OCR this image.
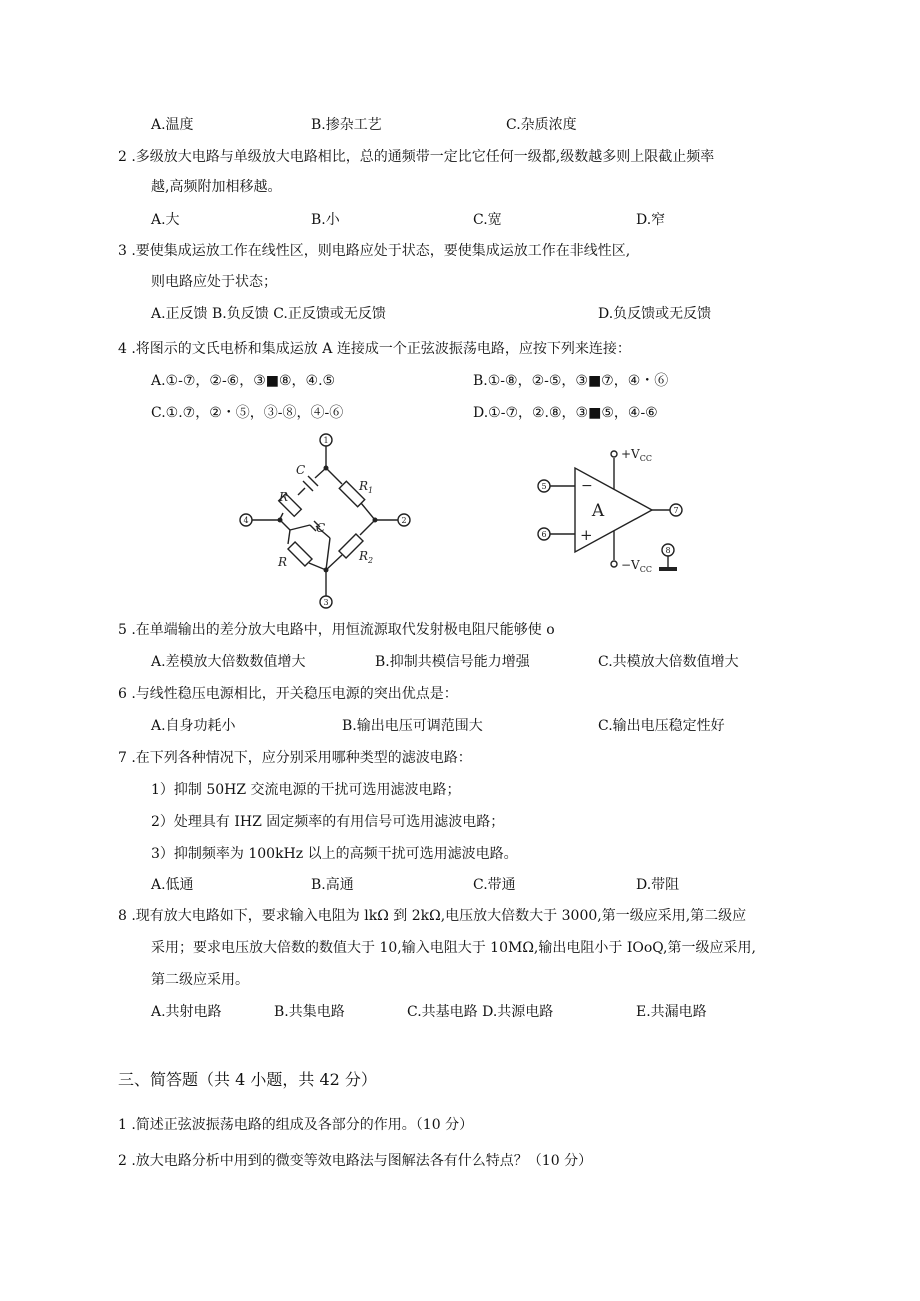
A.温度	B.掺杂工艺	C.杂质浓度
2 .多级放大电路与单级放大电路相比，总的通频带一定比它任何一级都,级数越多则上限截止频率
越,高频附加相移越。
A.大	B.小	C.宽	D.窄
3 .要使集成运放工作在线性区，则电路应处于状态，要使集成运放工作在非线性区,
则电路应处于状态；
A.正反馈 B.负反馈 C.正反馈或无反馈	D.负反馈或无反馈
4 .将图示的文氏电桥和集成运放 A 连接成一个正弦波振荡电路，应按下列来连接：
A.①-⑦，②-⑥，③■⑧，④.⑤	B.①-⑧，②-⑤，③■⑦，④・⑥
C.①.⑦，②・⑤，③-⑧，④-⑥	D.①-⑦，②.⑧，③■⑤，④-⑥
1
2
3
4
C
C
R
R
$R_1$
$R_2$
5
6
7
8
A
−
+
$+V_{CC}$
$-V_{CC}$
5 .在单端输出的差分放大电路中，用恒流源取代发射极电阻尺能够使 o
A.差模放大倍数数值增大	B.抑制共模信号能力增强	C.共模放大倍数值增大
6 .与线性稳压电源相比，开关稳压电源的突出优点是：
A.自身功耗小	B.输出电压可调范围大	C.输出电压稳定性好
7 .在下列各种情况下，应分别采用哪种类型的滤波电路：
1）抑制 50HZ 交流电源的干扰可选用滤波电路；
2）处理具有 IHZ 固定频率的有用信号可选用滤波电路；
3）抑制频率为 100kHz 以上的高频干扰可选用滤波电路。
A.低通	B.高通	C.带通	D.带阻
8 .现有放大电路如下，要求输入电阻为 lkΩ 到 2kΩ,电压放大倍数大于 3000,第一级应采用,第二级应
采用；要求电压放大倍数的数值大于 10,输入电阻大于 10MΩ,输出电阻小于 IOoQ,第一级应采用,
第二级应采用。
A.共射电路	B.共集电路	C.共基电路 D.共源电路	E.共漏电路
三、简答题（共 4 小题，共 42 分）
1 .简述正弦波振荡电路的组成及各部分的作用。（10 分）
2 .放大电路分析中用到的微变等效电路法与图解法各有什么特点？（10 分）
